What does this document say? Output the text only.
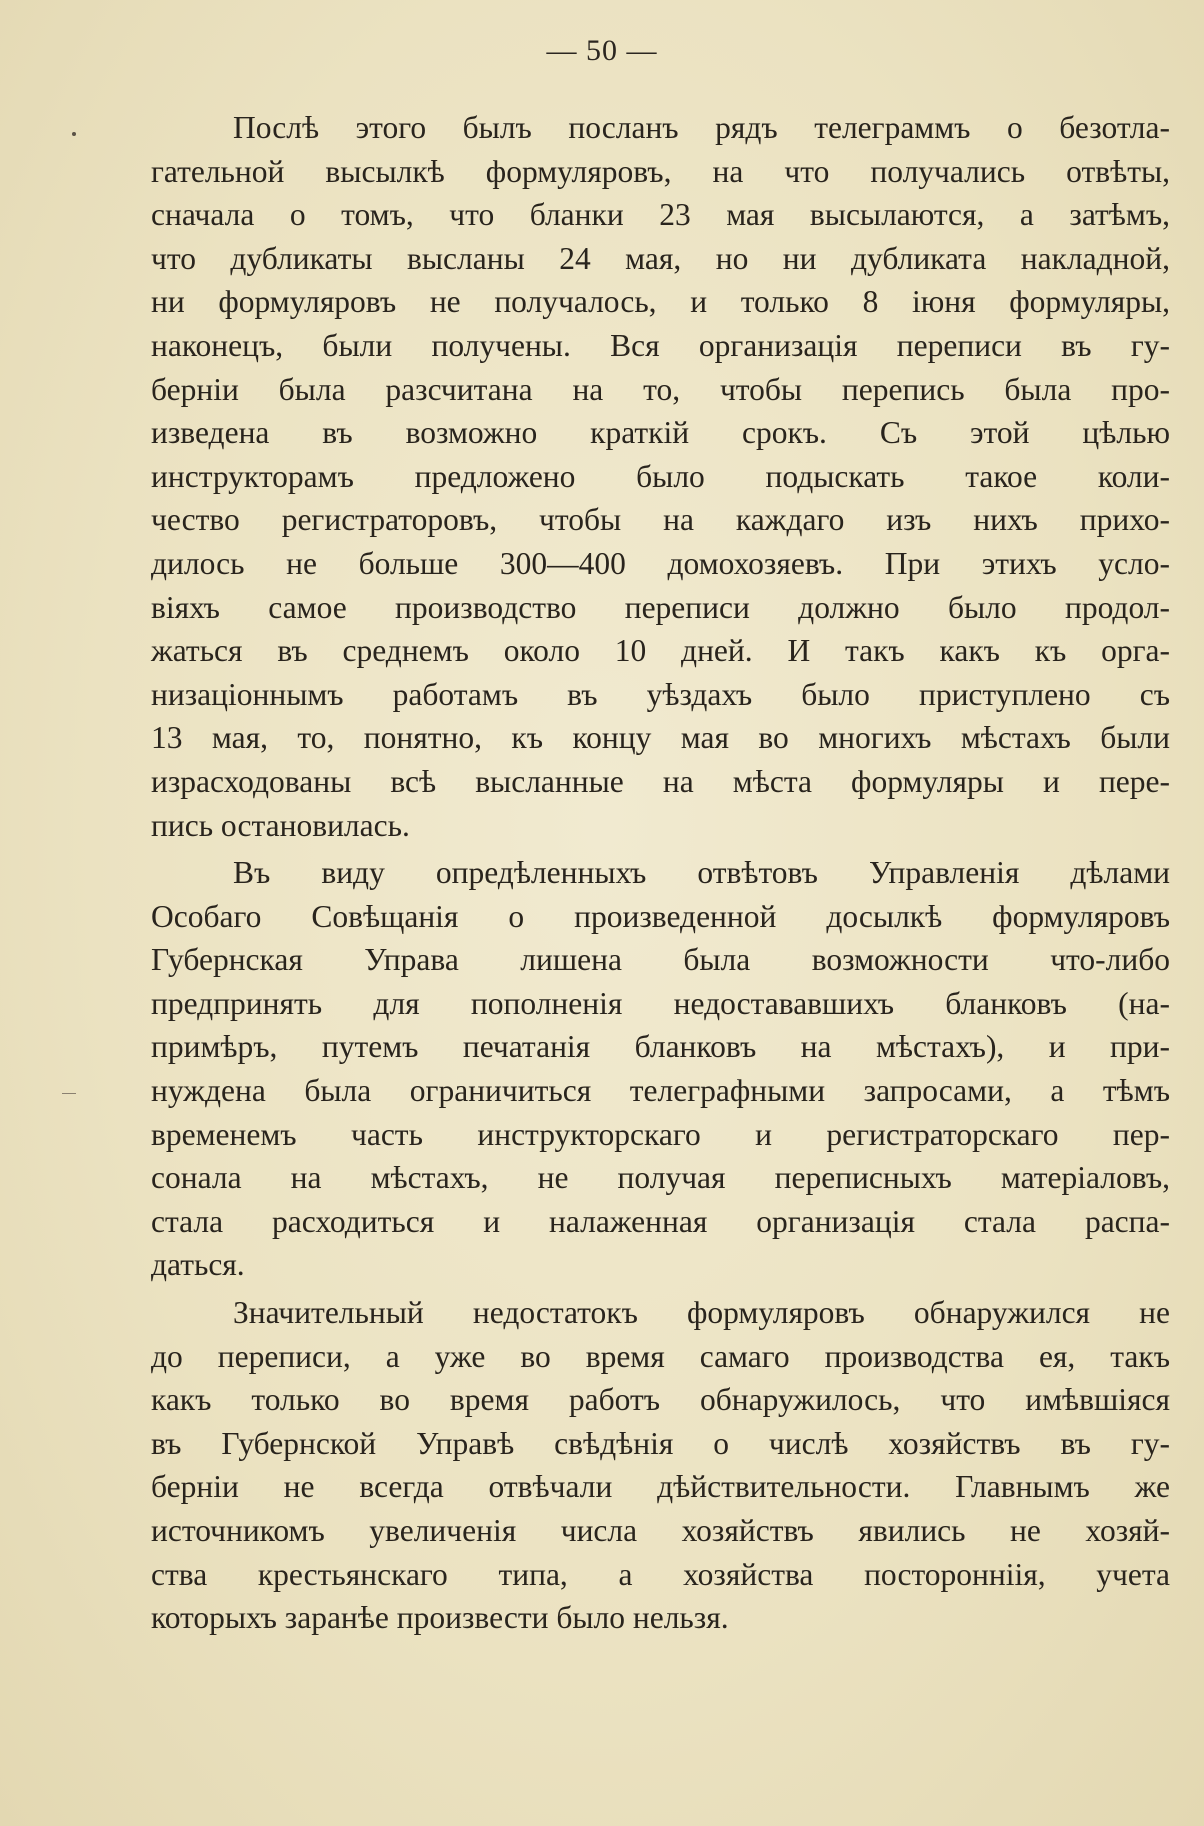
— 50 —
Послѣ этого былъ посланъ рядъ телеграммъ о безотла-
гательной высылкѣ формуляровъ, на что получались отвѣты,
сначала о томъ, что бланки 23 мая высылаются, а затѣмъ,
что дубликаты высланы 24 мая, но ни дубликата накладной,
ни формуляровъ не получалось, и только 8 іюня формуляры,
наконецъ, были получены. Вся организація переписи въ гу-
берніи была разсчитана на то, чтобы перепись была про-
изведена въ возможно краткій срокъ. Съ этой цѣлью
инструкторамъ предложено было подыскать такое коли-
чество регистраторовъ, чтобы на каждаго изъ нихъ прихо-
дилось не больше 300—400 домохозяевъ. При этихъ усло-
віяхъ самое производство переписи должно было продол-
жаться въ среднемъ около 10 дней. И такъ какъ къ орга-
низаціоннымъ работамъ въ уѣздахъ было приступлено съ
13 мая, то, понятно, къ концу мая во многихъ мѣстахъ были
израсходованы всѣ высланные на мѣста формуляры и пере-
пись остановилась.
Въ виду опредѣленныхъ отвѣтовъ Управленія дѣлами
Особаго Совѣщанія о произведенной досылкѣ формуляровъ
Губернская Управа лишена была возможности что-либо
предпринять для пополненія недостававшихъ бланковъ (на-
примѣръ, путемъ печатанія бланковъ на мѣстахъ), и при-
нуждена была ограничиться телеграфными запросами, а тѣмъ
временемъ часть инструкторскаго и регистраторскаго пер-
сонала на мѣстахъ, не получая переписныхъ матеріаловъ,
стала расходиться и налаженная организація стала распа-
даться.
Значительный недостатокъ формуляровъ обнаружился не
до переписи, а уже во время самаго производства ея, такъ
какъ только во время работъ обнаружилось, что имѣвшіяся
въ Губернской Управѣ свѣдѣнія о числѣ хозяйствъ въ гу-
берніи не всегда отвѣчали дѣйствительности. Главнымъ же
источникомъ увеличенія числа хозяйствъ явились не хозяй-
ства крестьянскаго типа, а хозяйства посторонніія, учета
которыхъ заранѣе произвести было нельзя.
